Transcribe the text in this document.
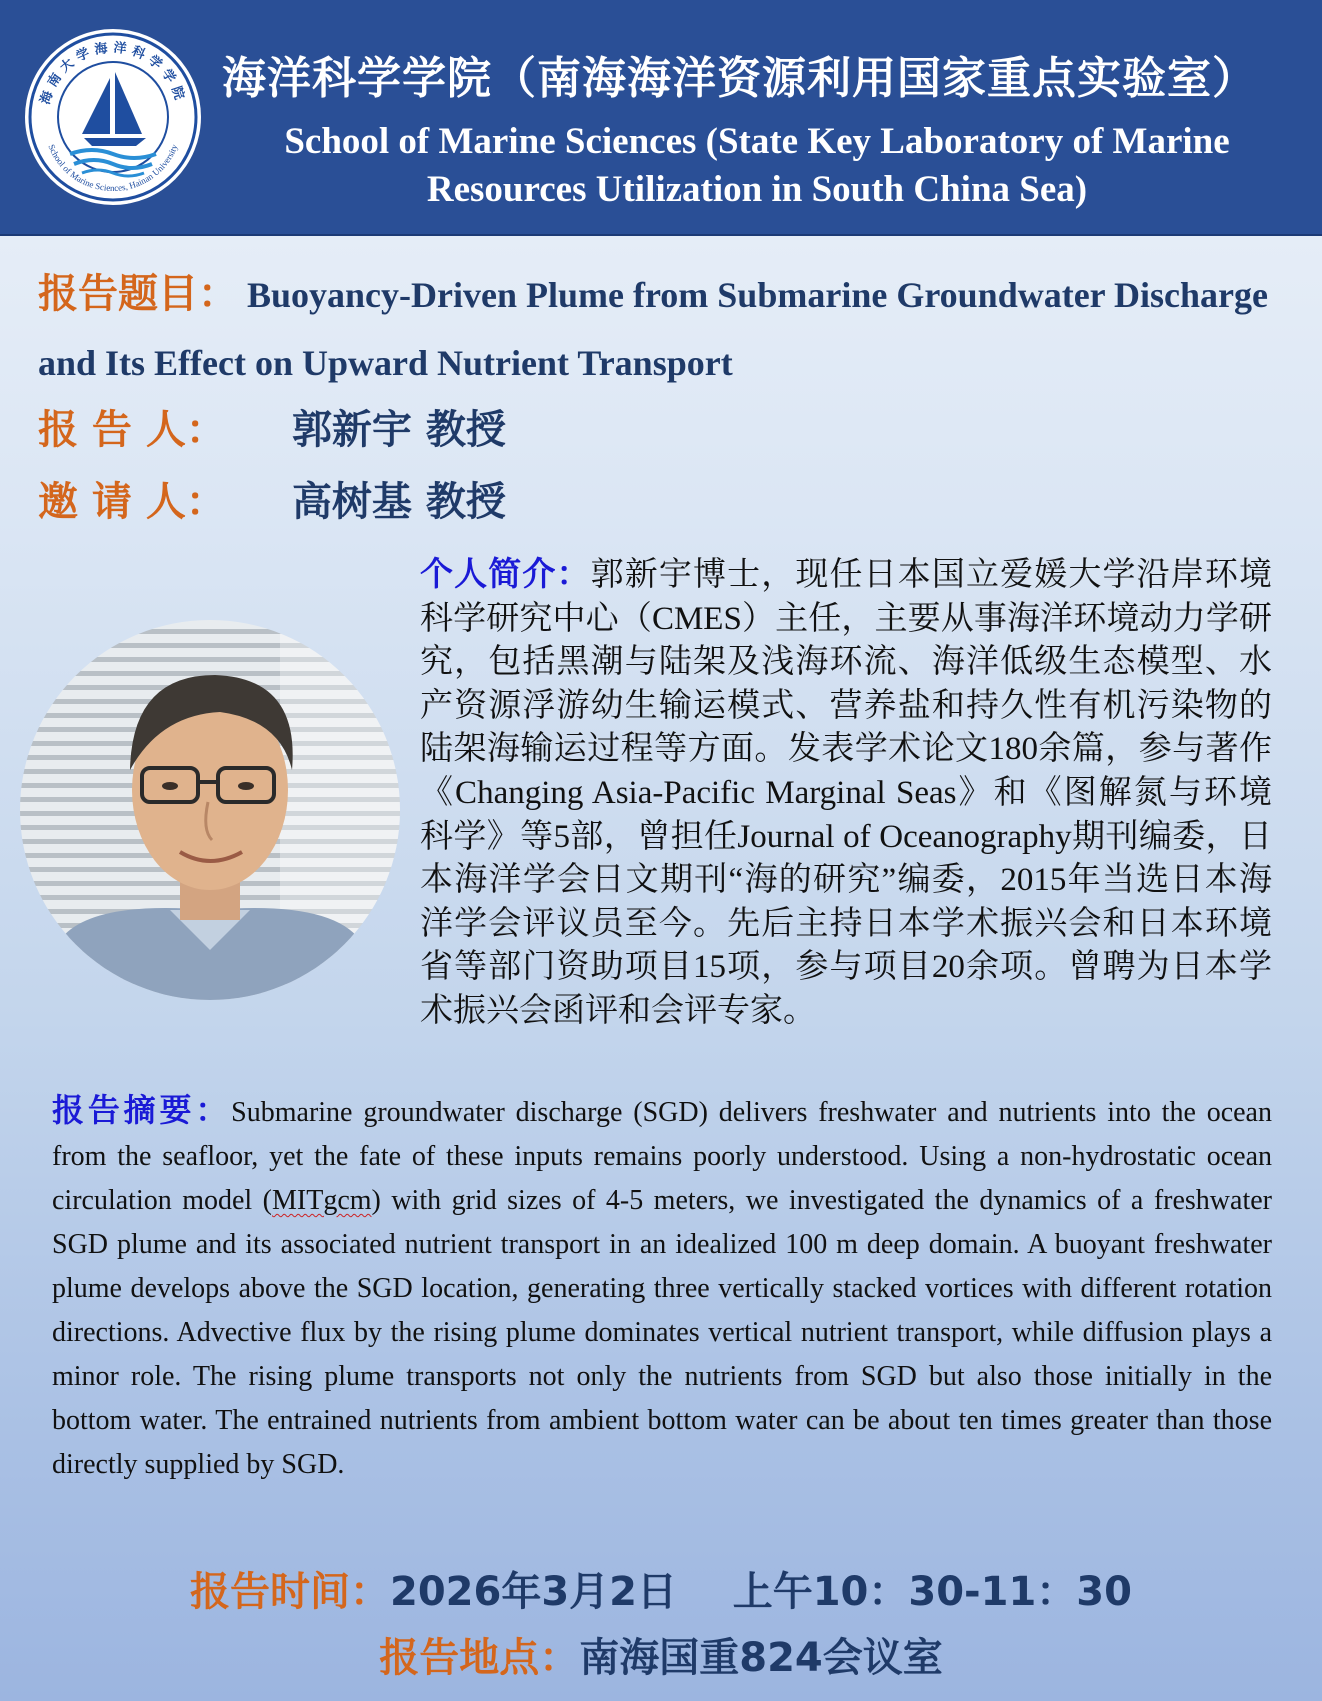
海南大学海洋科学学院
School of Marine Sciences, Hainan University
海洋科学学院（南海海洋资源利用国家重点实验室）
School of Marine Sciences (State Key Laboratory of Marine Resources Utilization in South China Sea)
报告题目： Buoyancy-Driven Plume from Submarine Groundwater Discharge and Its Effect on Upward Nutrient Transport
报 告 人： 郭新宇 教授
邀 请 人： 高树基 教授
个人简介：郭新宇博士，现任日本国立爱媛大学沿岸环境科学研究中心（CMES）主任，主要从事海洋环境动力学研究，包括黑潮与陆架及浅海环流、海洋低级生态模型、水产资源浮游幼生输运模式、营养盐和持久性有机污染物的陆架海输运过程等方面。发表学术论文180余篇，参与著作《Changing Asia-Pacific Marginal Seas》和《图解氮与环境科学》等5部，曾担任Journal of Oceanography期刊编委，日本海洋学会日文期刊“海的研究”编委，2015年当选日本海洋学会评议员至今。先后主持日本学术振兴会和日本环境省等部门资助项目15项，参与项目20余项。曾聘为日本学术振兴会函评和会评专家。
报告摘要：Submarine groundwater discharge (SGD) delivers freshwater and nutrients into the ocean from the seafloor, yet the fate of these inputs remains poorly understood. Using a non-hydrostatic ocean circulation model (MITgcm) with grid sizes of 4-5 meters, we investigated the dynamics of a freshwater SGD plume and its associated nutrient transport in an idealized 100 m deep domain. A buoyant freshwater plume develops above the SGD location, generating three vertically stacked vortices with different rotation directions. Advective flux by the rising plume dominates vertical nutrient transport, while diffusion plays a minor role. The rising plume transports not only the nutrients from SGD but also those initially in the bottom water. The entrained nutrients from ambient bottom water can be about ten times greater than those directly supplied by SGD.
报告时间：2026年3月2日    上午10：30-11：30
报告地点：南海国重824会议室
